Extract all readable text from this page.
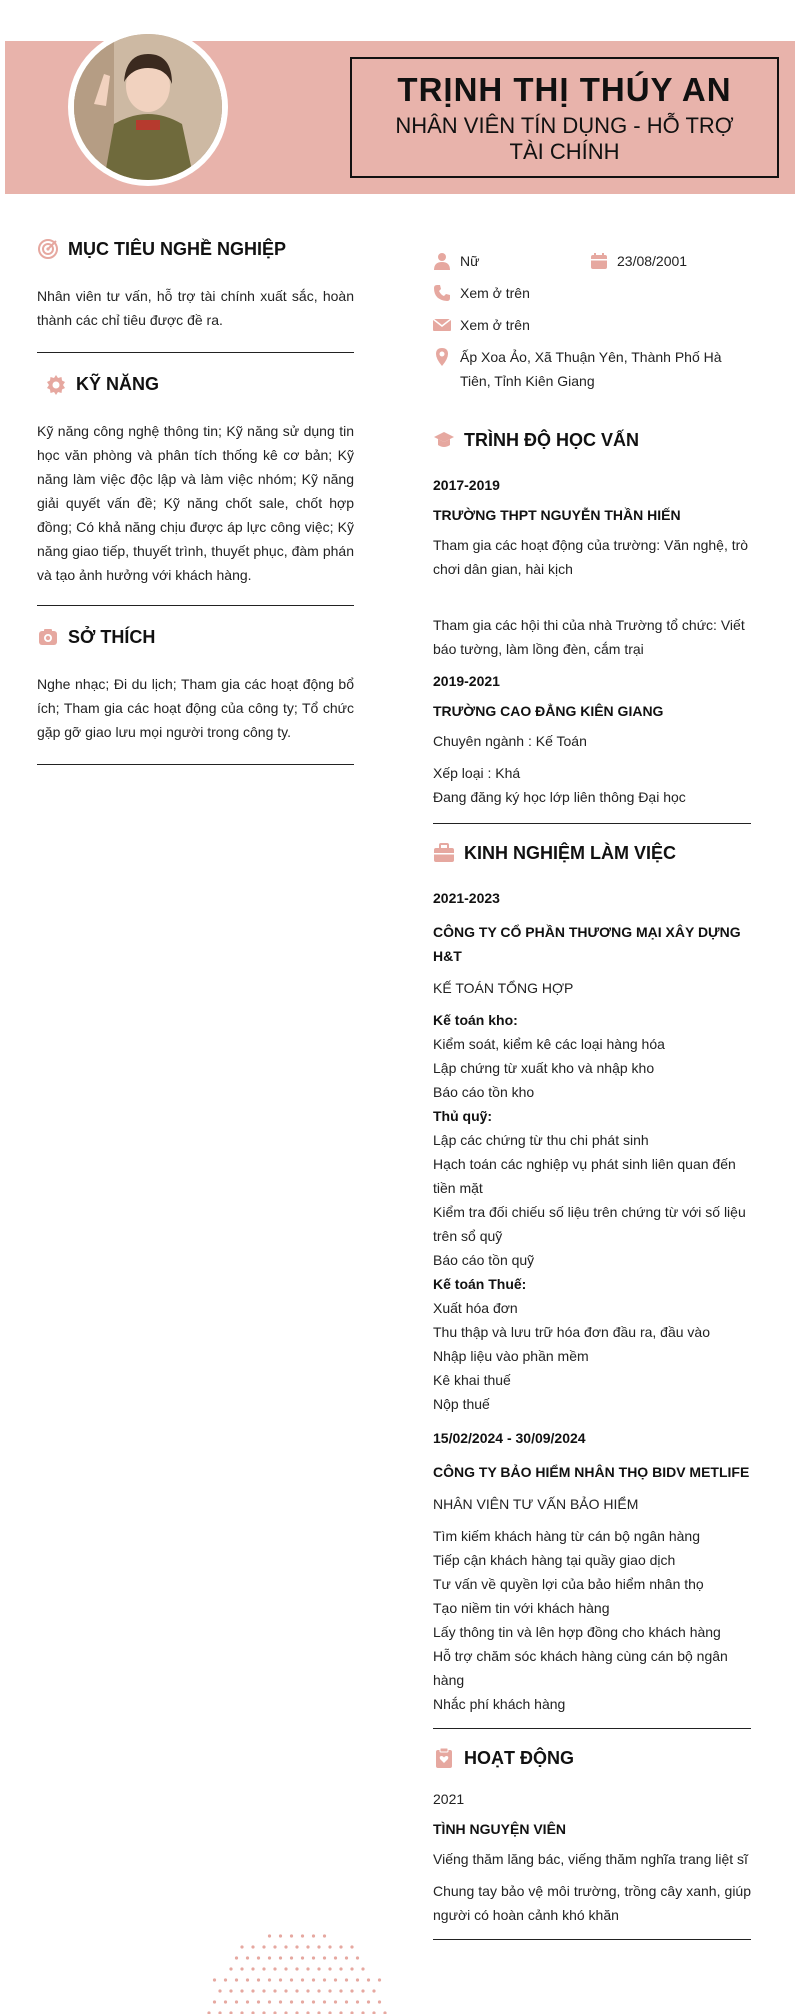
TRỊNH THỊ THÚY AN
NHÂN VIÊN TÍN DỤNG - HỖ TRỢ TÀI CHÍNH
MỤC TIÊU NGHỀ NGHIỆP
Nhân viên tư vấn, hỗ trợ tài chính xuất sắc, hoàn thành các chỉ tiêu được đề ra.
KỸ NĂNG
Kỹ năng công nghệ thông tin; Kỹ năng sử dụng tin học văn phòng và phân tích thống kê cơ bản; Kỹ năng làm việc độc lập và làm việc nhóm; Kỹ năng giải quyết vấn đề; Kỹ năng chốt sale, chốt hợp đồng; Có khả năng chịu được áp lực công việc; Kỹ năng giao tiếp, thuyết trình, thuyết phục, đàm phán và tạo ảnh hưởng với khách hàng.
SỞ THÍCH
Nghe nhạc; Đi du lịch; Tham gia các hoạt động bổ ích; Tham gia các hoạt động của công ty; Tổ chức gặp gỡ giao lưu mọi người trong công ty.
Nữ	23/08/2001
Xem ở trên
Xem ở trên
Ấp Xoa Ảo, Xã Thuận Yên, Thành Phố Hà Tiên, Tỉnh Kiên Giang
TRÌNH ĐỘ HỌC VẤN
2017-2019
TRƯỜNG THPT NGUYỄN THẦN HIẾN
Tham gia các hoạt động của trường: Văn nghệ, trò chơi dân gian, hài kịch
Tham gia các hội thi của nhà Trường tổ chức: Viết báo tường, làm lồng đèn, cắm trại
2019-2021
TRƯỜNG CAO ĐẲNG KIÊN GIANG
Chuyên ngành : Kế Toán
Xếp loại : Khá
Đang đăng ký học lớp liên thông Đại học
KINH NGHIỆM LÀM VIỆC
2021-2023
CÔNG TY CỔ PHẦN THƯƠNG MẠI XÂY DỰNG H&T
KẾ TOÁN TỔNG HỢP
Kế toán kho:
Kiểm soát, kiểm kê các loại hàng hóa
Lập chứng từ xuất kho và nhập kho
Báo cáo tồn kho
Thủ quỹ:
Lập các chứng từ thu chi phát sinh
Hạch toán các nghiệp vụ phát sinh liên quan đến tiền mặt
Kiểm tra đối chiếu số liệu trên chứng từ với số liệu trên sổ quỹ
Báo cáo tồn quỹ
Kế toán Thuế:
Xuất hóa đơn
Thu thập và lưu trữ hóa đơn đầu ra, đầu vào
Nhập liệu vào phần mềm
Kê khai thuế
Nộp thuế
15/02/2024 - 30/09/2024
CÔNG TY BẢO HIỂM NHÂN THỌ BIDV METLIFE
NHÂN VIÊN TƯ VẤN BẢO HIỂM
Tìm kiếm khách hàng từ cán bộ ngân hàng
Tiếp cận khách hàng tại quầy giao dịch
Tư vấn về quyền lợi của bảo hiểm nhân thọ
Tạo niềm tin với khách hàng
Lấy thông tin và lên hợp đồng cho khách hàng
Hỗ trợ chăm sóc khách hàng cùng cán bộ ngân hàng
Nhắc phí khách hàng
HOẠT ĐỘNG
2021
TÌNH NGUYỆN VIÊN
Viếng thăm lăng bác, viếng thăm nghĩa trang liệt sĩ
Chung tay bảo vệ môi trường, trồng cây xanh, giúp người có hoàn cảnh khó khăn
